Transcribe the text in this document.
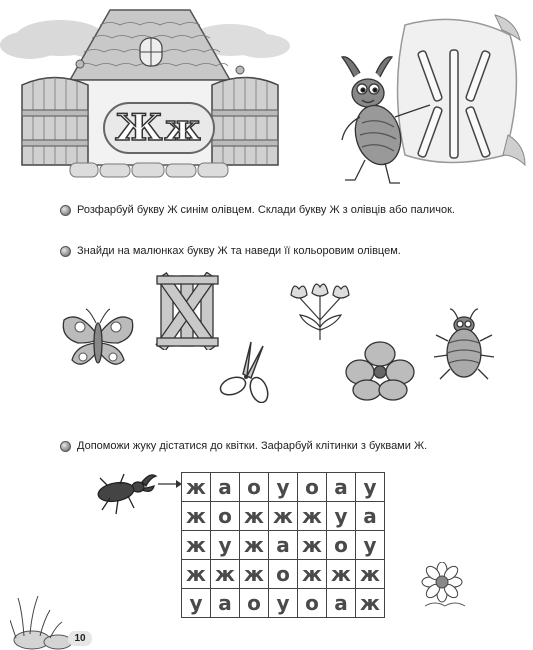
Жж
Розфарбуй букву Ж синім олівцем. Склади букву Ж з олівців або паличок.
Знайди на малюнках букву Ж та наведи її кольоровим олівцем.
Допоможи жуку дістатися до квітки. Зафарбуй клітинки з буквами Ж.
ж а о у о а у
ж о ж ж ж у а
ж у ж а ж о у
ж ж ж о ж ж ж
у а о у о а ж
10
